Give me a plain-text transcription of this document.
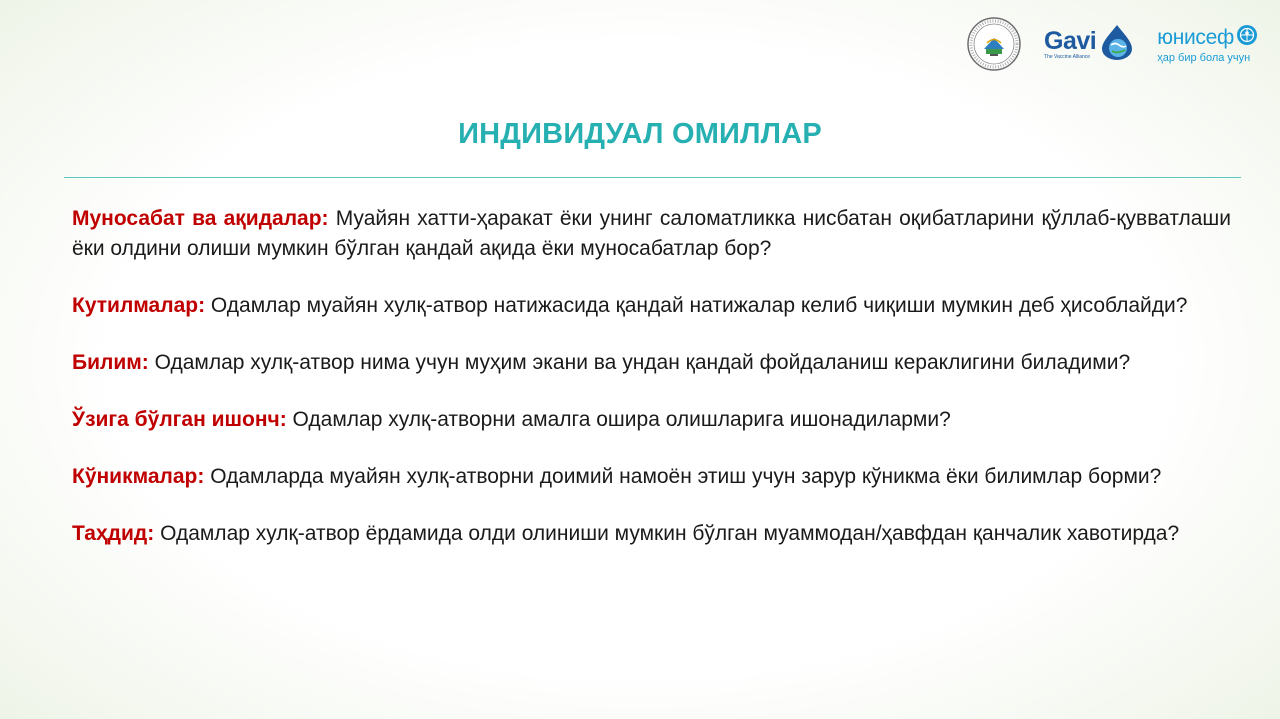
Gavi
The Vaccine Alliance
юнисеф
ҳар бир бола учун
ИНДИВИДУАЛ ОМИЛЛАР

Муносабат ва ақидалар: Муайян хатти-ҳаракат ёки унинг саломатликка нисбатан оқибатларини қўллаб-қувватлаши ёки олдини олиши мумкин бўлган қандай ақида ёки муносабатлар бор?

Кутилмалар: Одамлар муайян хулқ-атвор натижасида қандай натижалар келиб чиқиши мумкин деб ҳисоблайди?

Билим: Одамлар хулқ-атвор нима учун муҳим экани ва ундан қандай фойдаланиш кераклигини биладими?

Ўзига бўлган ишонч: Одамлар хулқ-атворни амалга ошира олишларига ишонадиларми?

Кўникмалар: Одамларда муайян хулқ-атворни доимий намоён этиш учун зарур кўникма ёки билимлар борми?

Таҳдид: Одамлар хулқ-атвор ёрдамида олди олиниши мумкин бўлган муаммодан/ҳавфдан қанчалик хавотирда?
